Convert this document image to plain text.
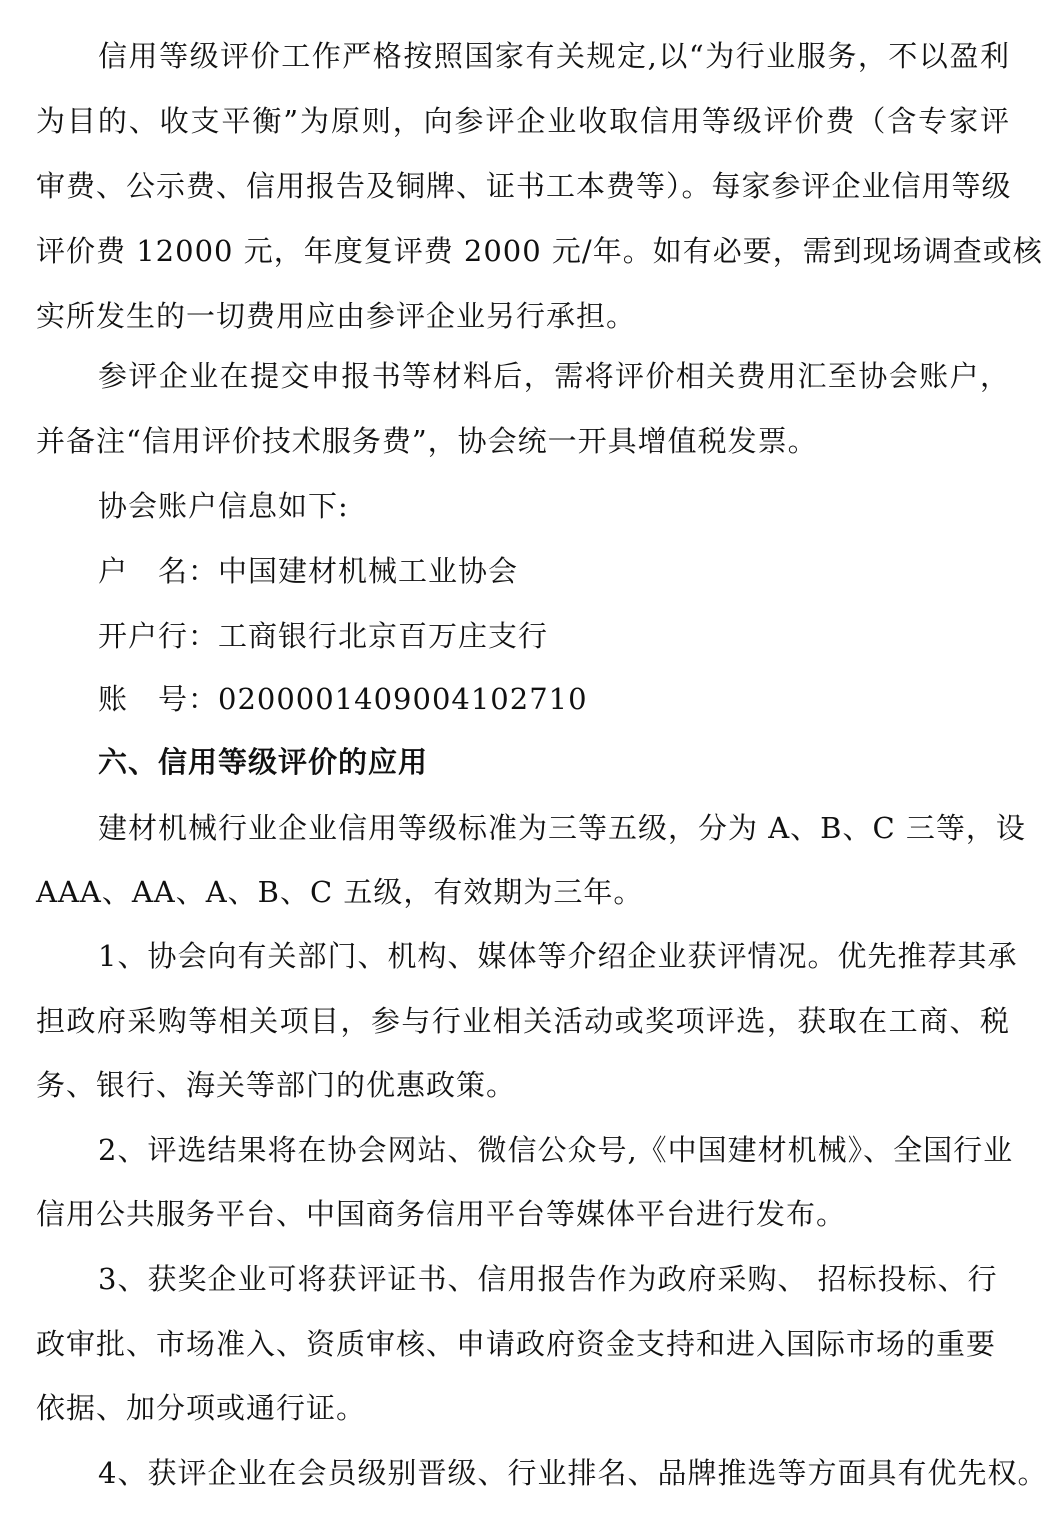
信用等级评价工作严格按照国家有关规定,以“为行业服务，不以盈利
为目的、收支平衡”为原则，向参评企业收取信用等级评价费（含专家评
审费、公示费、信用报告及铜牌、证书工本费等）。每家参评企业信用等级
评价费 12000 元，年度复评费 2000 元/年。如有必要，需到现场调查或核
实所发生的一切费用应由参评企业另行承担。
参评企业在提交申报书等材料后，需将评价相关费用汇至协会账户，
并备注“信用评价技术服务费”，协会统一开具增值税发票。
协会账户信息如下:
户　名：中国建材机械工业协会
开户行：工商银行北京百万庄支行
账　号：0200001409004102710
六、信用等级评价的应用
建材机械行业企业信用等级标准为三等五级，分为 A、B、C 三等，设
AAA、AA、A、B、C 五级，有效期为三年。
1、协会向有关部门、机构、媒体等介绍企业获评情况。优先推荐其承
担政府采购等相关项目，参与行业相关活动或奖项评选，获取在工商、税
务、银行、海关等部门的优惠政策。
2、评选结果将在协会网站、微信公众号,《中国建材机械》、全国行业
信用公共服务平台、中国商务信用平台等媒体平台进行发布。
3、获奖企业可将获评证书、信用报告作为政府采购、 招标投标、行
政审批、市场准入、资质审核、申请政府资金支持和进入国际市场的重要
依据、加分项或通行证。
4、获评企业在会员级别晋级、行业排名、品牌推选等方面具有优先权。
